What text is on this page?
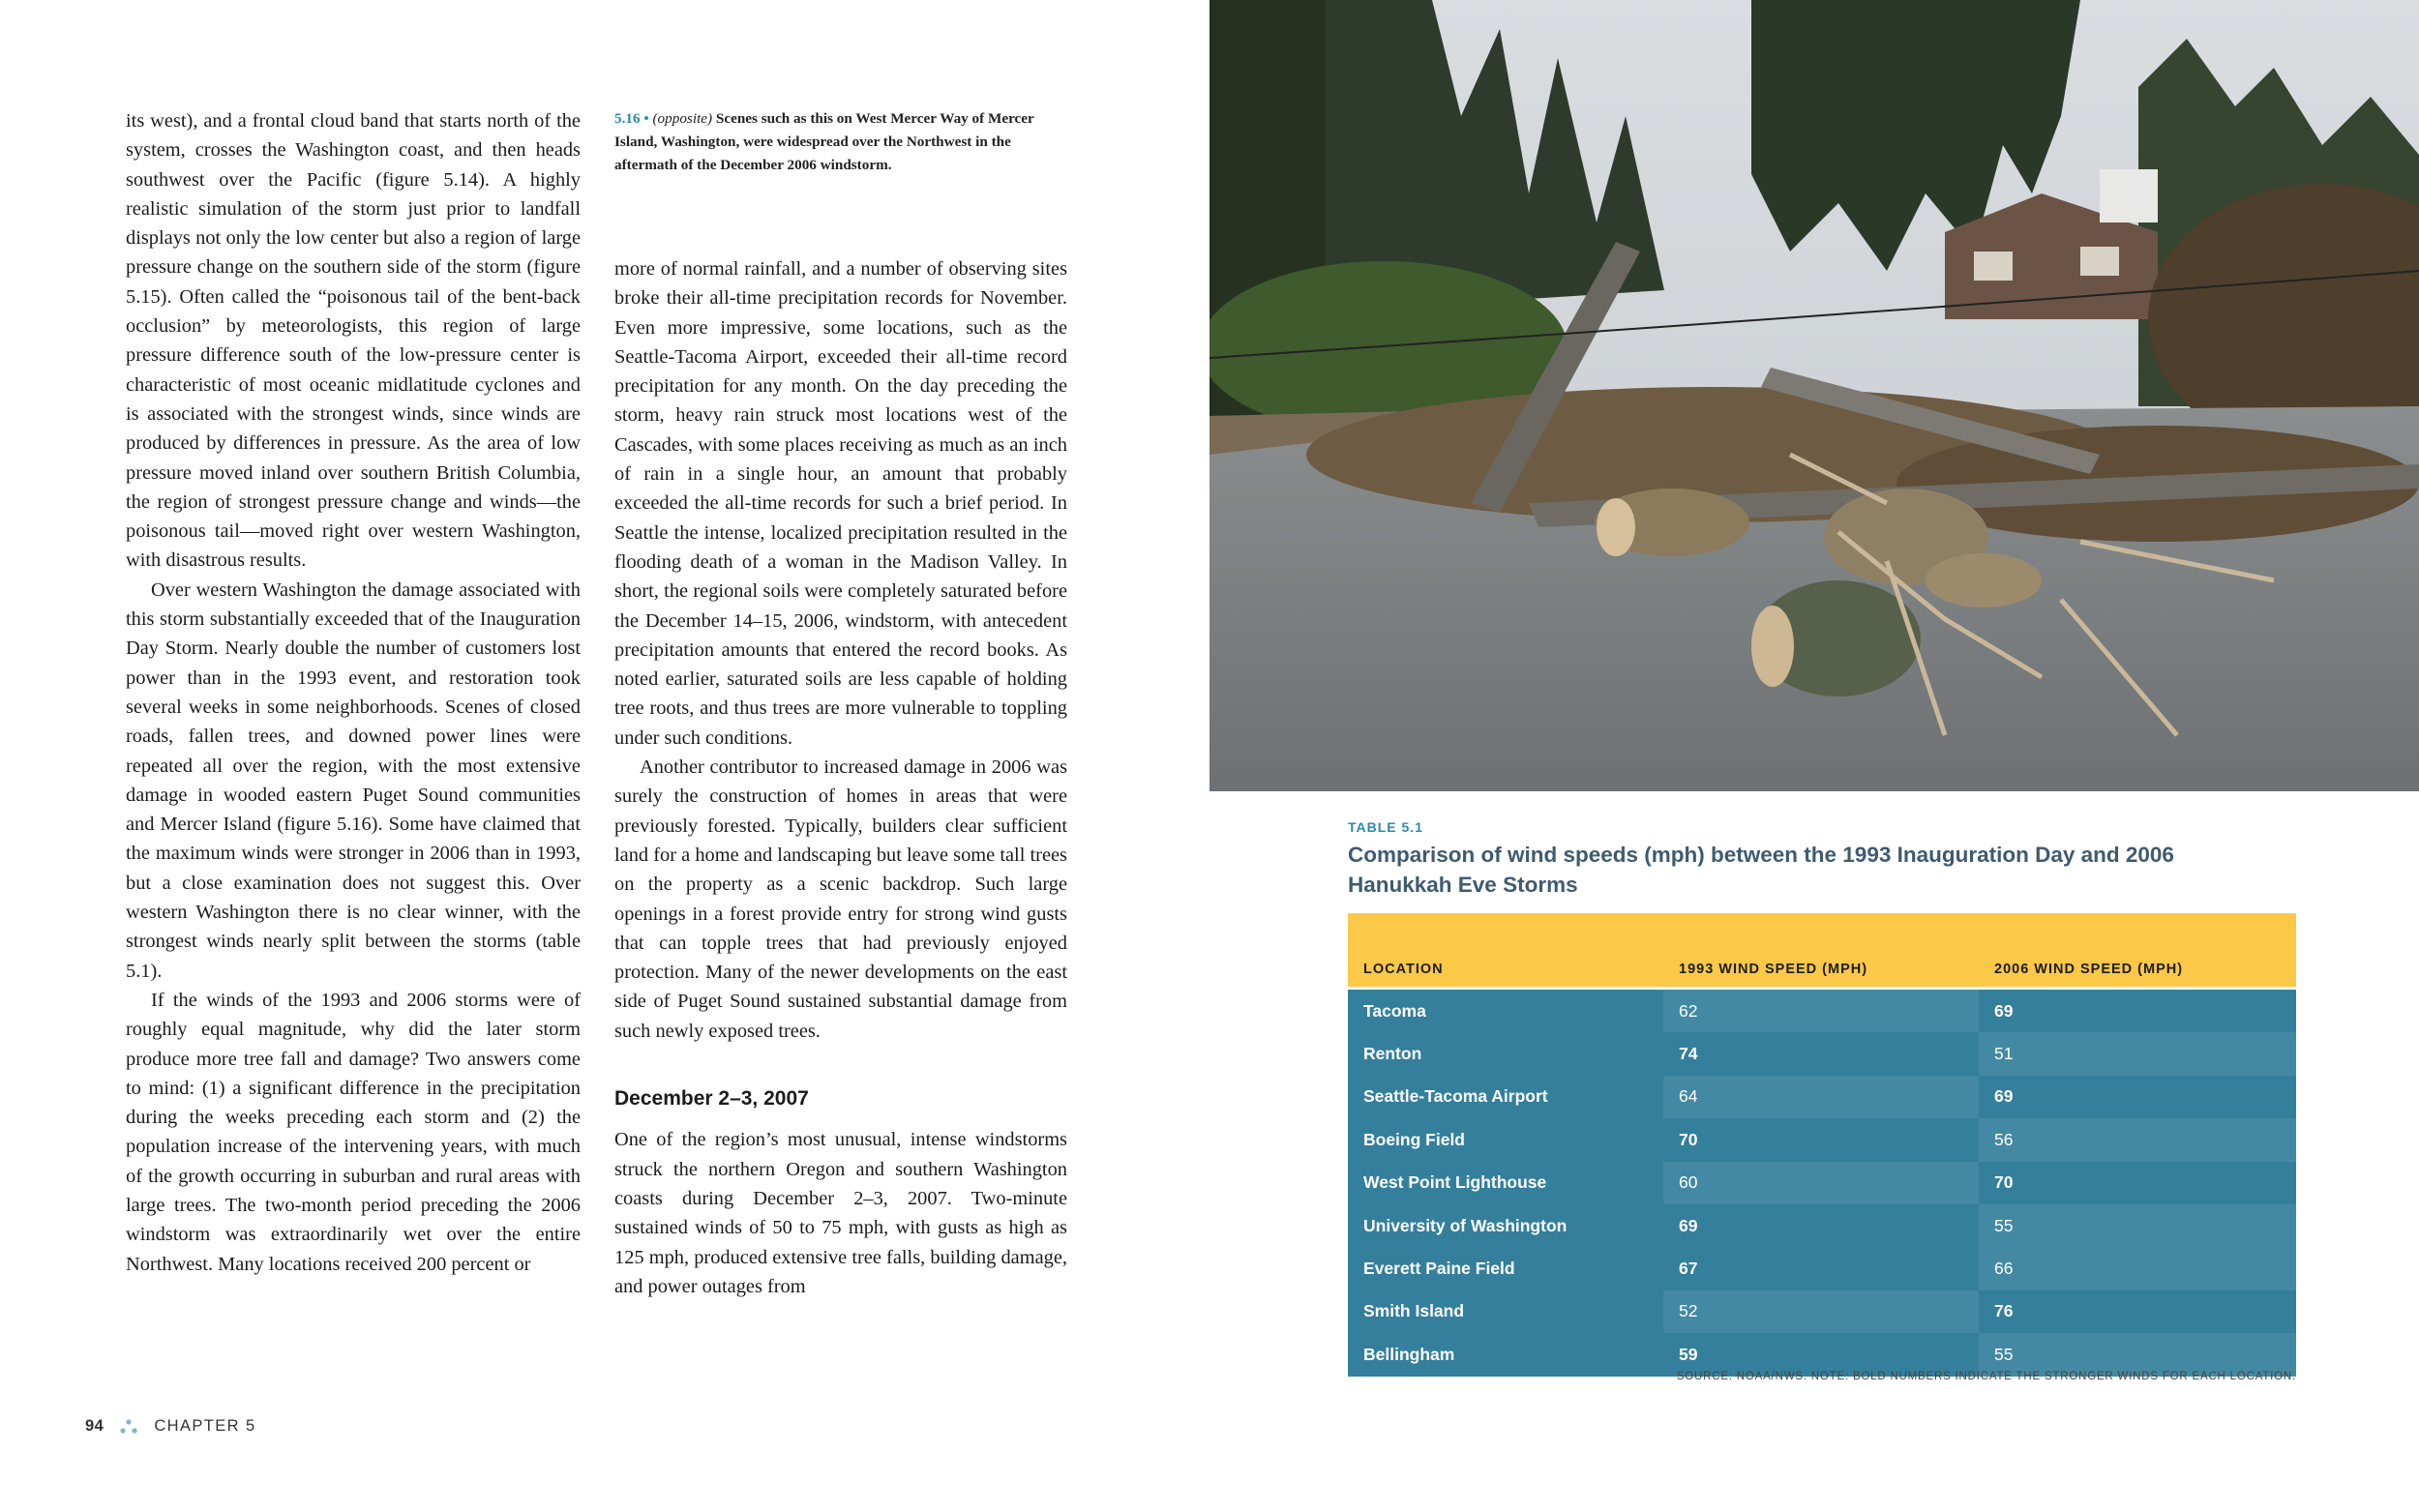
its west), and a frontal cloud band that starts north of the system, crosses the Washington coast, and then heads southwest over the Pacific (figure 5.14). A highly realistic simulation of the storm just prior to landfall displays not only the low center but also a region of large pressure change on the southern side of the storm (figure 5.15). Often called the “poisonous tail of the bent-back occlusion” by meteorologists, this region of large pressure difference south of the low-pressure center is characteristic of most oceanic midlatitude cyclones and is associated with the strongest winds, since winds are produced by differences in pressure. As the area of low pressure moved inland over southern British Columbia, the region of strongest pressure change and winds—the poisonous tail—moved right over western Washington, with disastrous results.

Over western Washington the damage associated with this storm substantially exceeded that of the Inauguration Day Storm. Nearly double the number of customers lost power than in the 1993 event, and restoration took several weeks in some neighborhoods. Scenes of closed roads, fallen trees, and downed power lines were repeated all over the region, with the most extensive damage in wooded eastern Puget Sound communities and Mercer Island (figure 5.16). Some have claimed that the maximum winds were stronger in 2006 than in 1993, but a close examination does not suggest this. Over western Washington there is no clear winner, with the strongest winds nearly split between the storms (table 5.1).

If the winds of the 1993 and 2006 storms were of roughly equal magnitude, why did the later storm produce more tree fall and damage? Two answers come to mind: (1) a significant difference in the precipitation during the weeks preceding each storm and (2) the population increase of the intervening years, with much of the growth occurring in suburban and rural areas with large trees. The two-month period preceding the 2006 windstorm was extraordinarily wet over the entire Northwest. Many locations received 200 percent or

5.16 • (opposite) Scenes such as this on West Mercer Way of Mercer Island, Washington, were widespread over the Northwest in the aftermath of the December 2006 windstorm.

more of normal rainfall, and a number of observing sites broke their all-time precipitation records for November. Even more impressive, some locations, such as the Seattle-Tacoma Airport, exceeded their all-time record precipitation for any month. On the day preceding the storm, heavy rain struck most locations west of the Cascades, with some places receiving as much as an inch of rain in a single hour, an amount that probably exceeded the all-time records for such a brief period. In Seattle the intense, localized precipitation resulted in the flooding death of a woman in the Madison Valley. In short, the regional soils were completely saturated before the December 14–15, 2006, windstorm, with antecedent precipitation amounts that entered the record books. As noted earlier, saturated soils are less capable of holding tree roots, and thus trees are more vulnerable to toppling under such conditions.

Another contributor to increased damage in 2006 was surely the construction of homes in areas that were previously forested. Typically, builders clear sufficient land for a home and landscaping but leave some tall trees on the property as a scenic backdrop. Such large openings in a forest provide entry for strong wind gusts that can topple trees that had previously enjoyed protection. Many of the newer developments on the east side of Puget Sound sustained substantial damage from such newly exposed trees.

December 2–3, 2007

One of the region’s most unusual, intense windstorms struck the northern Oregon and southern Washington coasts during December 2–3, 2007. Two-minute sustained winds of 50 to 75 mph, with gusts as high as 125 mph, produced extensive tree falls, building damage, and power outages from

94	CHAPTER 5
TABLE 5.1
Comparison of wind speeds (mph) between the 1993 Inauguration Day and 2006 Hanukkah Eve Storms
LOCATION	1993 WIND SPEED (MPH)	2006 WIND SPEED (MPH)
Tacoma	62	69
Renton	74	51
Seattle-Tacoma Airport	64	69
Boeing Field	70	56
West Point Lighthouse	60	70
University of Washington	69	55
Everett Paine Field	67	66
Smith Island	52	76
Bellingham	59	55
SOURCE: NOAA/NWS. NOTE: BOLD NUMBERS INDICATE THE STRONGER WINDS FOR EACH LOCATION.
